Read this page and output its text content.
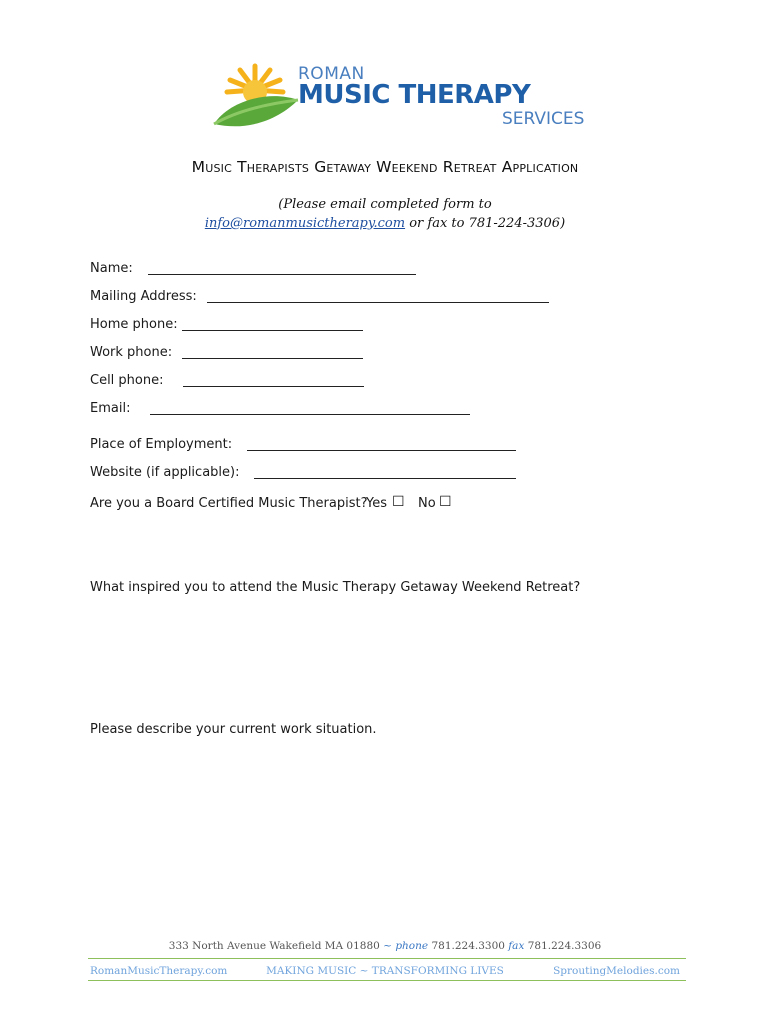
ROMAN
MUSIC THERAPY
SERVICES
Music Therapists Getaway Weekend Retreat Application
(Please email completed form to
info@romanmusictherapy.com or fax to 781-224-3306)
Name:
Mailing Address:
Home phone:
Work phone:
Cell phone:
Email:
Place of Employment:
Website (if applicable):
Are you a Board Certified Music Therapist?
Yes ☐ No ☐
What inspired you to attend the Music Therapy Getaway Weekend Retreat?
Please describe your current work situation.
333 North Avenue Wakefield MA 01880 ~ phone 781.224.3300 fax 781.224.3306
RomanMusicTherapy.com	MAKING MUSIC ~ TRANSFORMING LIVES	SproutingMelodies.com
